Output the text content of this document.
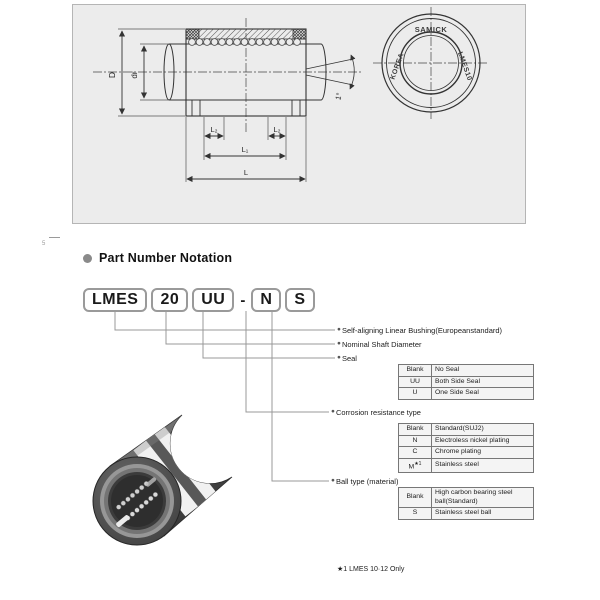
1°
D dr
L₂	L₂
L₁
L
SAMICK
KOREA	LMES10
5
Part Number Notation
LMES	20	UU	- N	S
● Self-aligning Linear Bushing(Europeanstandard)
● Nominal Shaft Diameter
● Seal
● Corrosion resistance type
● Ball type (material)
Blank	No Seal
UU	Both Side Seal
U	One Side Seal
Blank	Standard(SUJ2)
N	Electroless nickel plating
C	Chrome plating
$M^{★1}$	Stainless steel
Blank	High carbon bearing steel ball(Standard)
S	Stainless steel ball
★1 LMES 10·12 Only
